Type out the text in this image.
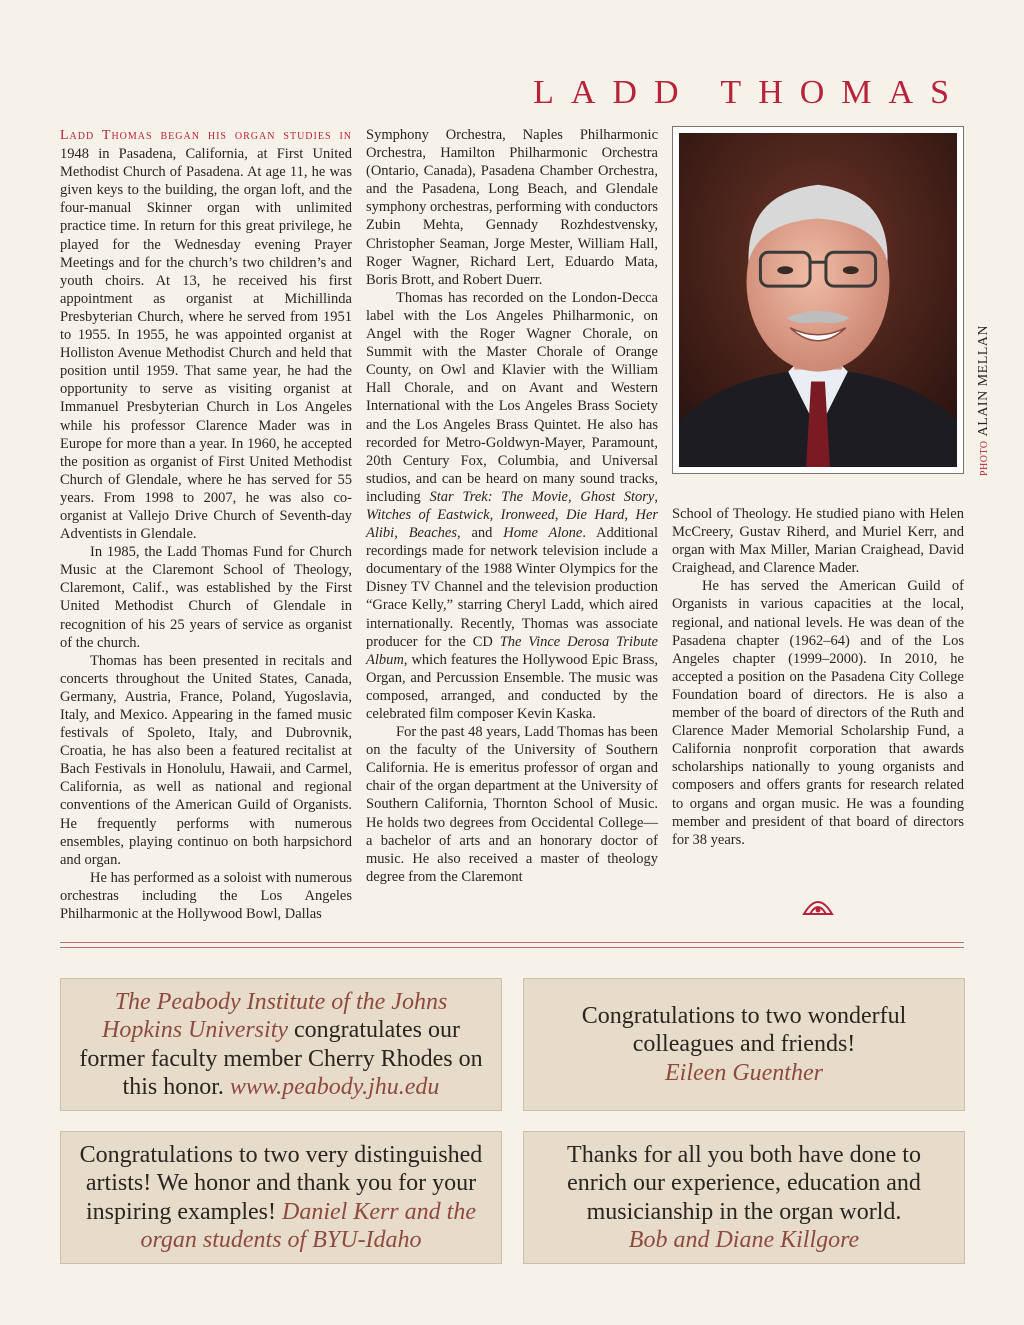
LADD THOMAS

Ladd Thomas began his organ studies in 1948 in Pasadena, California, at First United Methodist Church of Pasadena. At age 11, he was given keys to the building, the organ loft, and the four-manual Skinner organ with unlimited practice time. In return for this great privilege, he played for the Wednesday evening Prayer Meetings and for the church’s two children’s and youth choirs. At 13, he received his first appointment as organist at Michillinda Presbyterian Church, where he served from 1951 to 1955. In 1955, he was appointed organist at Holliston Avenue Methodist Church and held that position until 1959. That same year, he had the opportunity to serve as visiting organist at Immanuel Presbyterian Church in Los Angeles while his professor Clarence Mader was in Europe for more than a year. In 1960, he accepted the position as organist of First United Methodist Church of Glendale, where he has served for 55 years. From 1998 to 2007, he was also co-organist at Vallejo Drive Church of Seventh-day Adventists in Glendale.

In 1985, the Ladd Thomas Fund for Church Music at the Claremont School of Theology, Claremont, Calif., was established by the First United Methodist Church of Glendale in recognition of his 25 years of service as organist of the church.

Thomas has been presented in recitals and concerts throughout the United States, Canada, Germany, Austria, France, Poland, Yugoslavia, Italy, and Mexico. Appearing in the famed music festivals of Spoleto, Italy, and Dubrovnik, Croatia, he has also been a featured recitalist at Bach Festivals in Honolulu, Hawaii, and Carmel, California, as well as national and regional conventions of the American Guild of Organists. He frequently performs with numerous ensembles, playing continuo on both harpsichord and organ.

He has performed as a soloist with numerous orchestras including the Los Angeles Philharmonic at the Hollywood Bowl, Dallas

Symphony Orchestra, Naples Philharmonic Orchestra, Hamilton Philharmonic Orchestra (Ontario, Canada), Pasadena Chamber Orchestra, and the Pasadena, Long Beach, and Glendale symphony orchestras, performing with conductors Zubin Mehta, Gennady Rozhdestvensky, Christopher Seaman, Jorge Mester, William Hall, Roger Wagner, Richard Lert, Eduardo Mata, Boris Brott, and Robert Duerr.

Thomas has recorded on the London-Decca label with the Los Angeles Philharmonic, on Angel with the Roger Wagner Chorale, on Summit with the Master Chorale of Orange County, on Owl and Klavier with the William Hall Chorale, and on Avant and Western International with the Los Angeles Brass Society and the Los Angeles Brass Quintet. He also has recorded for Metro-Goldwyn-Mayer, Paramount, 20th Century Fox, Columbia, and Universal studios, and can be heard on many sound tracks, including Star Trek: The Movie, Ghost Story, Witches of Eastwick, Ironweed, Die Hard, Her Alibi, Beaches, and Home Alone. Additional recordings made for network television include a documentary of the 1988 Winter Olympics for the Disney TV Channel and the television production “Grace Kelly,” starring Cheryl Ladd, which aired internationally. Recently, Thomas was associate producer for the CD The Vince Derosa Tribute Album, which features the Hollywood Epic Brass, Organ, and Percussion Ensemble. The music was composed, arranged, and conducted by the celebrated film composer Kevin Kaska.

For the past 48 years, Ladd Thomas has been on the faculty of the University of Southern California. He is emeritus professor of organ and chair of the organ department at the University of Southern California, Thornton School of Music. He holds two degrees from Occidental College—a bachelor of arts and an honorary doctor of music. He also received a master of theology degree from the Claremont

photoALAIN MELLAN

School of Theology. He studied piano with Helen McCreery, Gustav Riherd, and Muriel Kerr, and organ with Max Miller, Marian Craighead, David Craighead, and Clarence Mader.

He has served the American Guild of Organists in various capacities at the local, regional, and national levels. He was dean of the Pasadena chapter (1962–64) and of the Los Angeles chapter (1999–2000). In 2010, he accepted a position on the Pasadena City College Foundation board of directors. He is also a member of the board of directors of the Ruth and Clarence Mader Memorial Scholarship Fund, a California nonprofit corporation that awards scholarships nationally to young organists and composers and offers grants for research related to organs and organ music. He was a founding member and president of that board of directors for 38 years.

The Peabody Institute of the Johns Hopkins University congratulates our former faculty member Cherry Rhodes on this honor. www.peabody.jhu.edu
Congratulations to two wonderful colleagues and friends!
Eileen Guenther
Congratulations to two very distinguished artists! We honor and thank you for your inspiring examples! Daniel Kerr and the organ students of BYU-Idaho
Thanks for all you both have done to enrich our experience, education and musicianship in the organ world.
Bob and Diane Killgore
